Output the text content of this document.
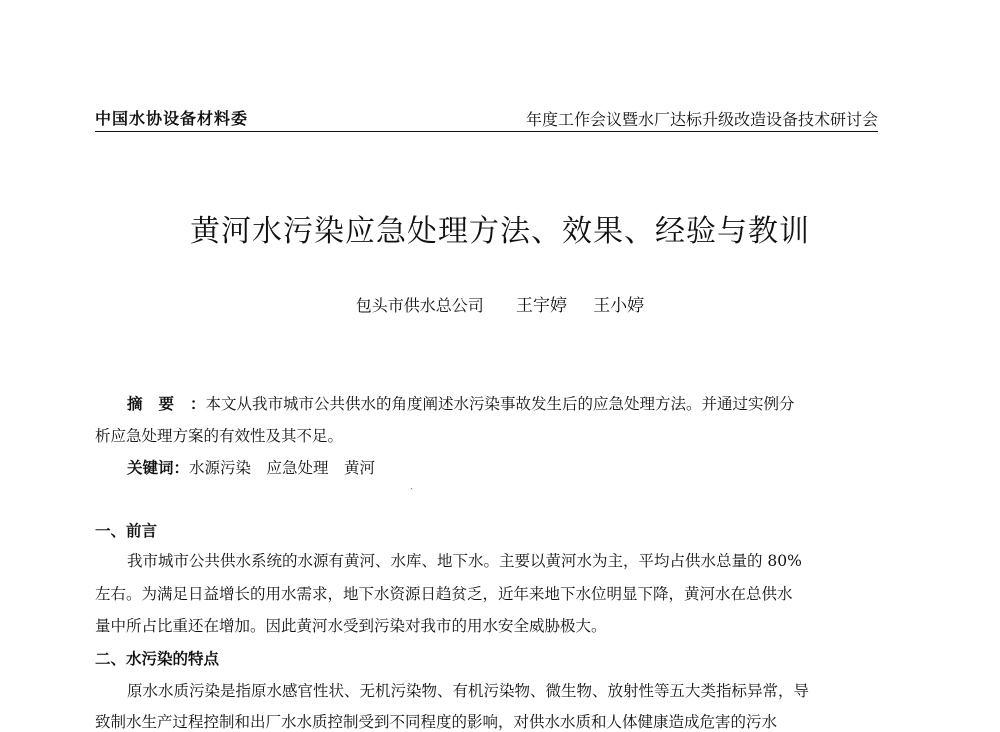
中国水协设备材料委	年度工作会议暨水厂达标升级改造设备技术研讨会
黄河水污染应急处理方法、效果、经验与教训
包头市供水总公司 王宇婷 王小婷
摘要：本文从我市城市公共供水的角度阐述水污染事故发生后的应急处理方法。并通过实例分
析应急处理方案的有效性及其不足。
关键词：水源污染　应急处理　黄河
ˏ
一、前言
我市城市公共供水系统的水源有黄河、水库、地下水。主要以黄河水为主，平均占供水总量的 80%
左右。为满足日益增长的用水需求，地下水资源日趋贫乏，近年来地下水位明显下降，黄河水在总供水
量中所占比重还在增加。因此黄河水受到污染对我市的用水安全威胁极大。
二、水污染的特点
原水水质污染是指原水感官性状、无机污染物、有机污染物、微生物、放射性等五大类指标异常，导
致制水生产过程控制和出厂水水质控制受到不同程度的影响，对供水水质和人体健康造成危害的污水
